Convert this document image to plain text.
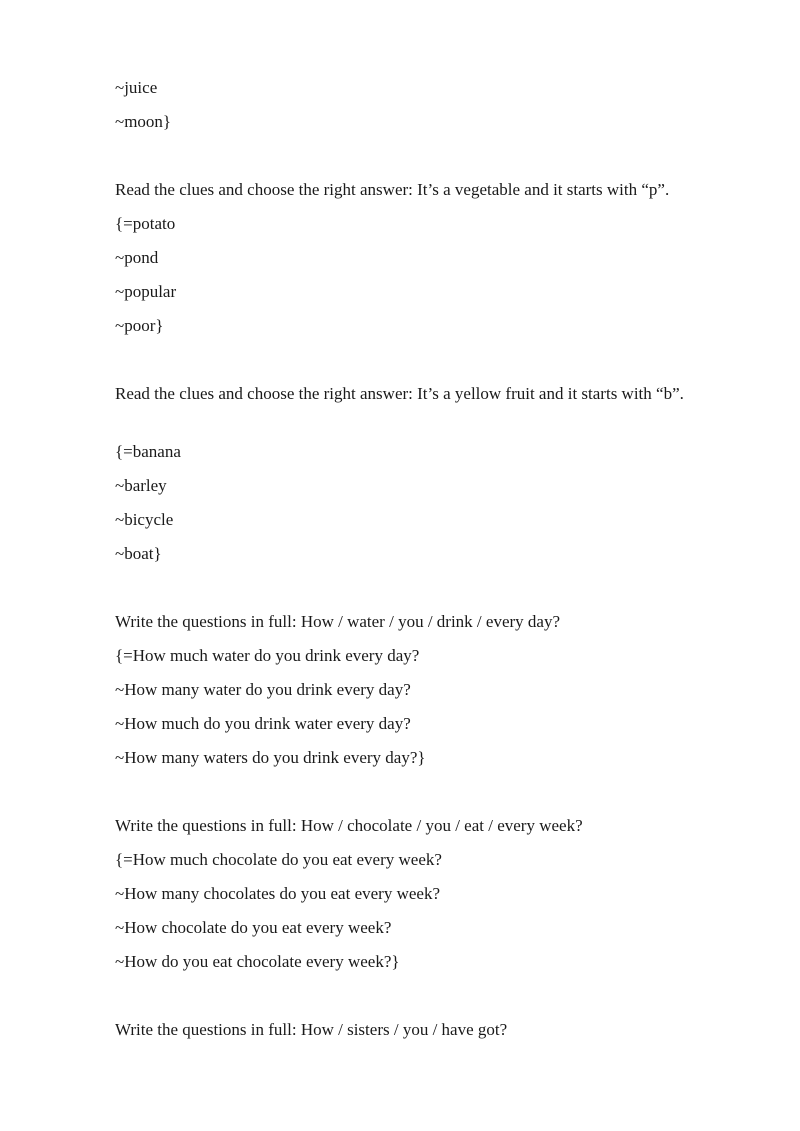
~juice
~moon}
Read the clues and choose the right answer: It’s a vegetable and it starts with “p”.
{=potato
~pond
~popular
~poor}
Read the clues and choose the right answer: It’s a yellow fruit and it starts with “b”.
{=banana
~barley
~bicycle
~boat}
Write the questions in full: How / water / you / drink / every day?
{=How much water do you drink every day?
~How many water do you drink every day?
~How much do you drink water every day?
~How many waters do you drink every day?}
Write the questions in full: How / chocolate / you / eat / every week?
{=How much chocolate do you eat every week?
~How many chocolates do you eat every week?
~How chocolate do you eat every week?
~How do you eat chocolate every week?}
Write the questions in full: How / sisters / you / have got?
